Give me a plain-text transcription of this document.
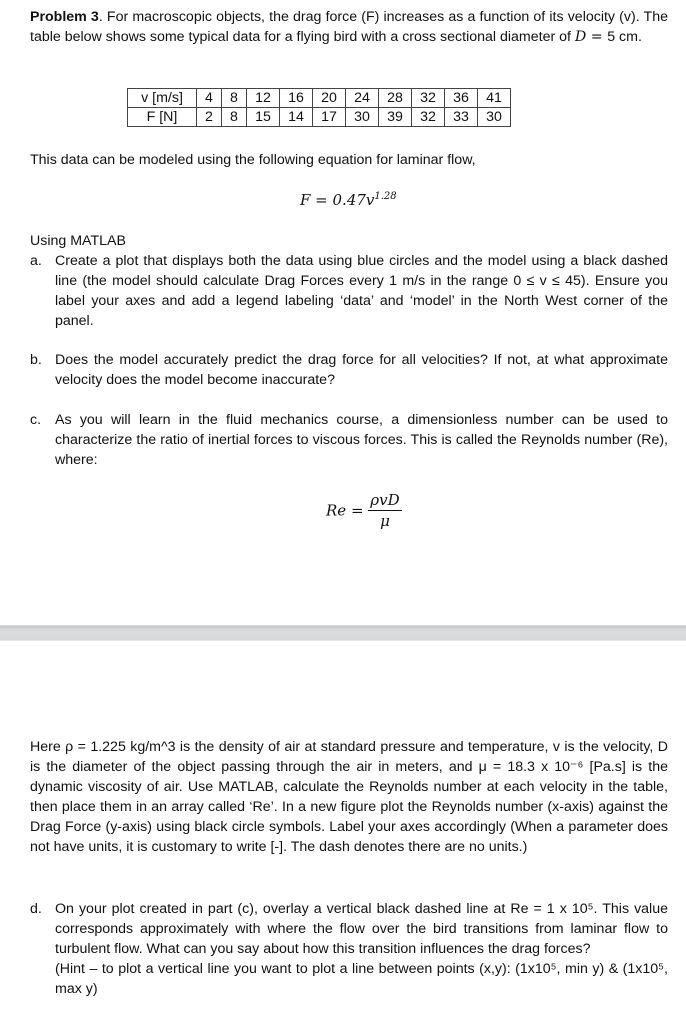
Problem 3. For macroscopic objects, the drag force (F) increases as a function of its velocity (v). The table below shows some typical data for a flying bird with a cross sectional diameter of D = 5 cm.
v [m/s]	4	8	12	16	20	24	28	32	36	41
F [N]	2	8	15	14	17	30	39	32	33	30
This data can be modeled using the following equation for laminar flow,
$F = 0.47v^{1.28}$
Using MATLAB
a. Create a plot that displays both the data using blue circles and the model using a black dashed line (the model should calculate Drag Forces every 1 m/s in the range 0 ≤ v ≤ 45). Ensure you label your axes and add a legend labeling ‘data’ and ‘model’ in the North West corner of the panel.
b. Does the model accurately predict the drag force for all velocities? If not, at what approximate velocity does the model become inaccurate?
c. As you will learn in the fluid mechanics course, a dimensionless number can be used to characterize the ratio of inertial forces to viscous forces. This is called the Reynolds number (Re), where:
$Re = \frac{\text{ρvD}}{\mu}$
Here ρ = 1.225 kg/m^3 is the density of air at standard pressure and temperature, v is the velocity, D is the diameter of the object passing through the air in meters, and μ = 18.3 x 10⁻⁶ [Pa.s] is the dynamic viscosity of air. Use MATLAB, calculate the Reynolds number at each velocity in the table, then place them in an array called ‘Re’. In a new figure plot the Reynolds number (x-axis) against the Drag Force (y-axis) using black circle symbols. Label your axes accordingly (When a parameter does not have units, it is customary to write [-]. The dash denotes there are no units.)
d. On your plot created in part (c), overlay a vertical black dashed line at Re = 1 x 10⁵. This value corresponds approximately with where the flow over the bird transitions from laminar flow to turbulent flow. What can you say about how this transition influences the drag forces?
(Hint – to plot a vertical line you want to plot a line between points (x,y): (1x10⁵, min y) & (1x10⁵, max y)
